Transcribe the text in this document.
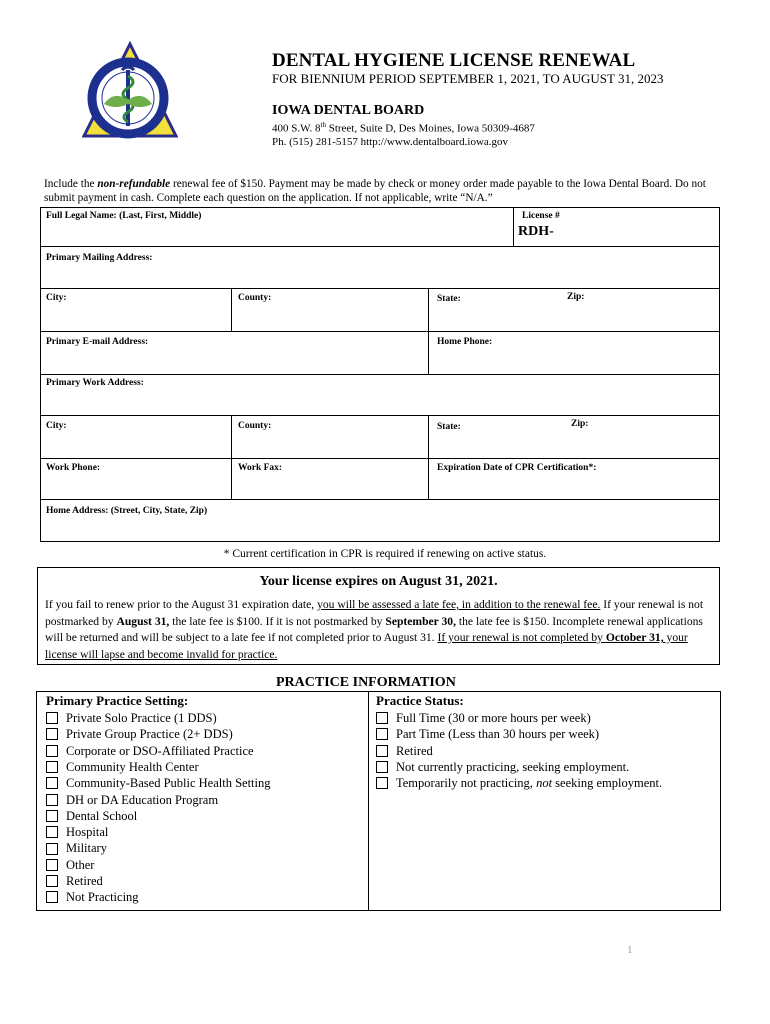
DENTAL HYGIENE LICENSE RENEWAL
FOR BIENNIUM PERIOD SEPTEMBER 1, 2021, TO AUGUST 31, 2023
IOWA DENTAL BOARD
400 S.W. 8th Street, Suite D, Des Moines, Iowa 50309-4687
Ph. (515) 281-5157 http://www.dentalboard.iowa.gov
Include the non-refundable renewal fee of $150. Payment may be made by check or money order made payable to the Iowa Dental Board. Do not submit payment in cash. Complete each question on the application. If not applicable, write “N/A.”
Full Legal Name: (Last, First, Middle)	License #
RDH-
Primary Mailing Address:
City:	County:	State:	Zip:
Primary E-mail Address:	Home Phone:
Primary Work Address:
City:	County:	State:	Zip:
Work Phone:	Work Fax:	Expiration Date of CPR Certification*:
Home Address: (Street, City, State, Zip)
* Current certification in CPR is required if renewing on active status.
Your license expires on August 31, 2021.
If you fail to renew prior to the August 31 expiration date, you will be assessed a late fee, in addition to the renewal fee. If your renewal is not postmarked by August 31, the late fee is $100. If it is not postmarked by September 30, the late fee is $150. Incomplete renewal applications will be returned and will be subject to a late fee if not completed prior to August 31. If your renewal is not completed by October 31, your license will lapse and become invalid for practice.
PRACTICE INFORMATION
Primary Practice Setting:
Private Solo Practice (1 DDS)
Private Group Practice (2+ DDS)
Corporate or DSO-Affiliated Practice
Community Health Center
Community-Based Public Health Setting
DH or DA Education Program
Dental School
Hospital
Military
Other
Retired
Not Practicing
Practice Status:
Full Time (30 or more hours per week)
Part Time (Less than 30 hours per week)
Retired
Not currently practicing, seeking employment.
Temporarily not practicing, not seeking employment.
1
